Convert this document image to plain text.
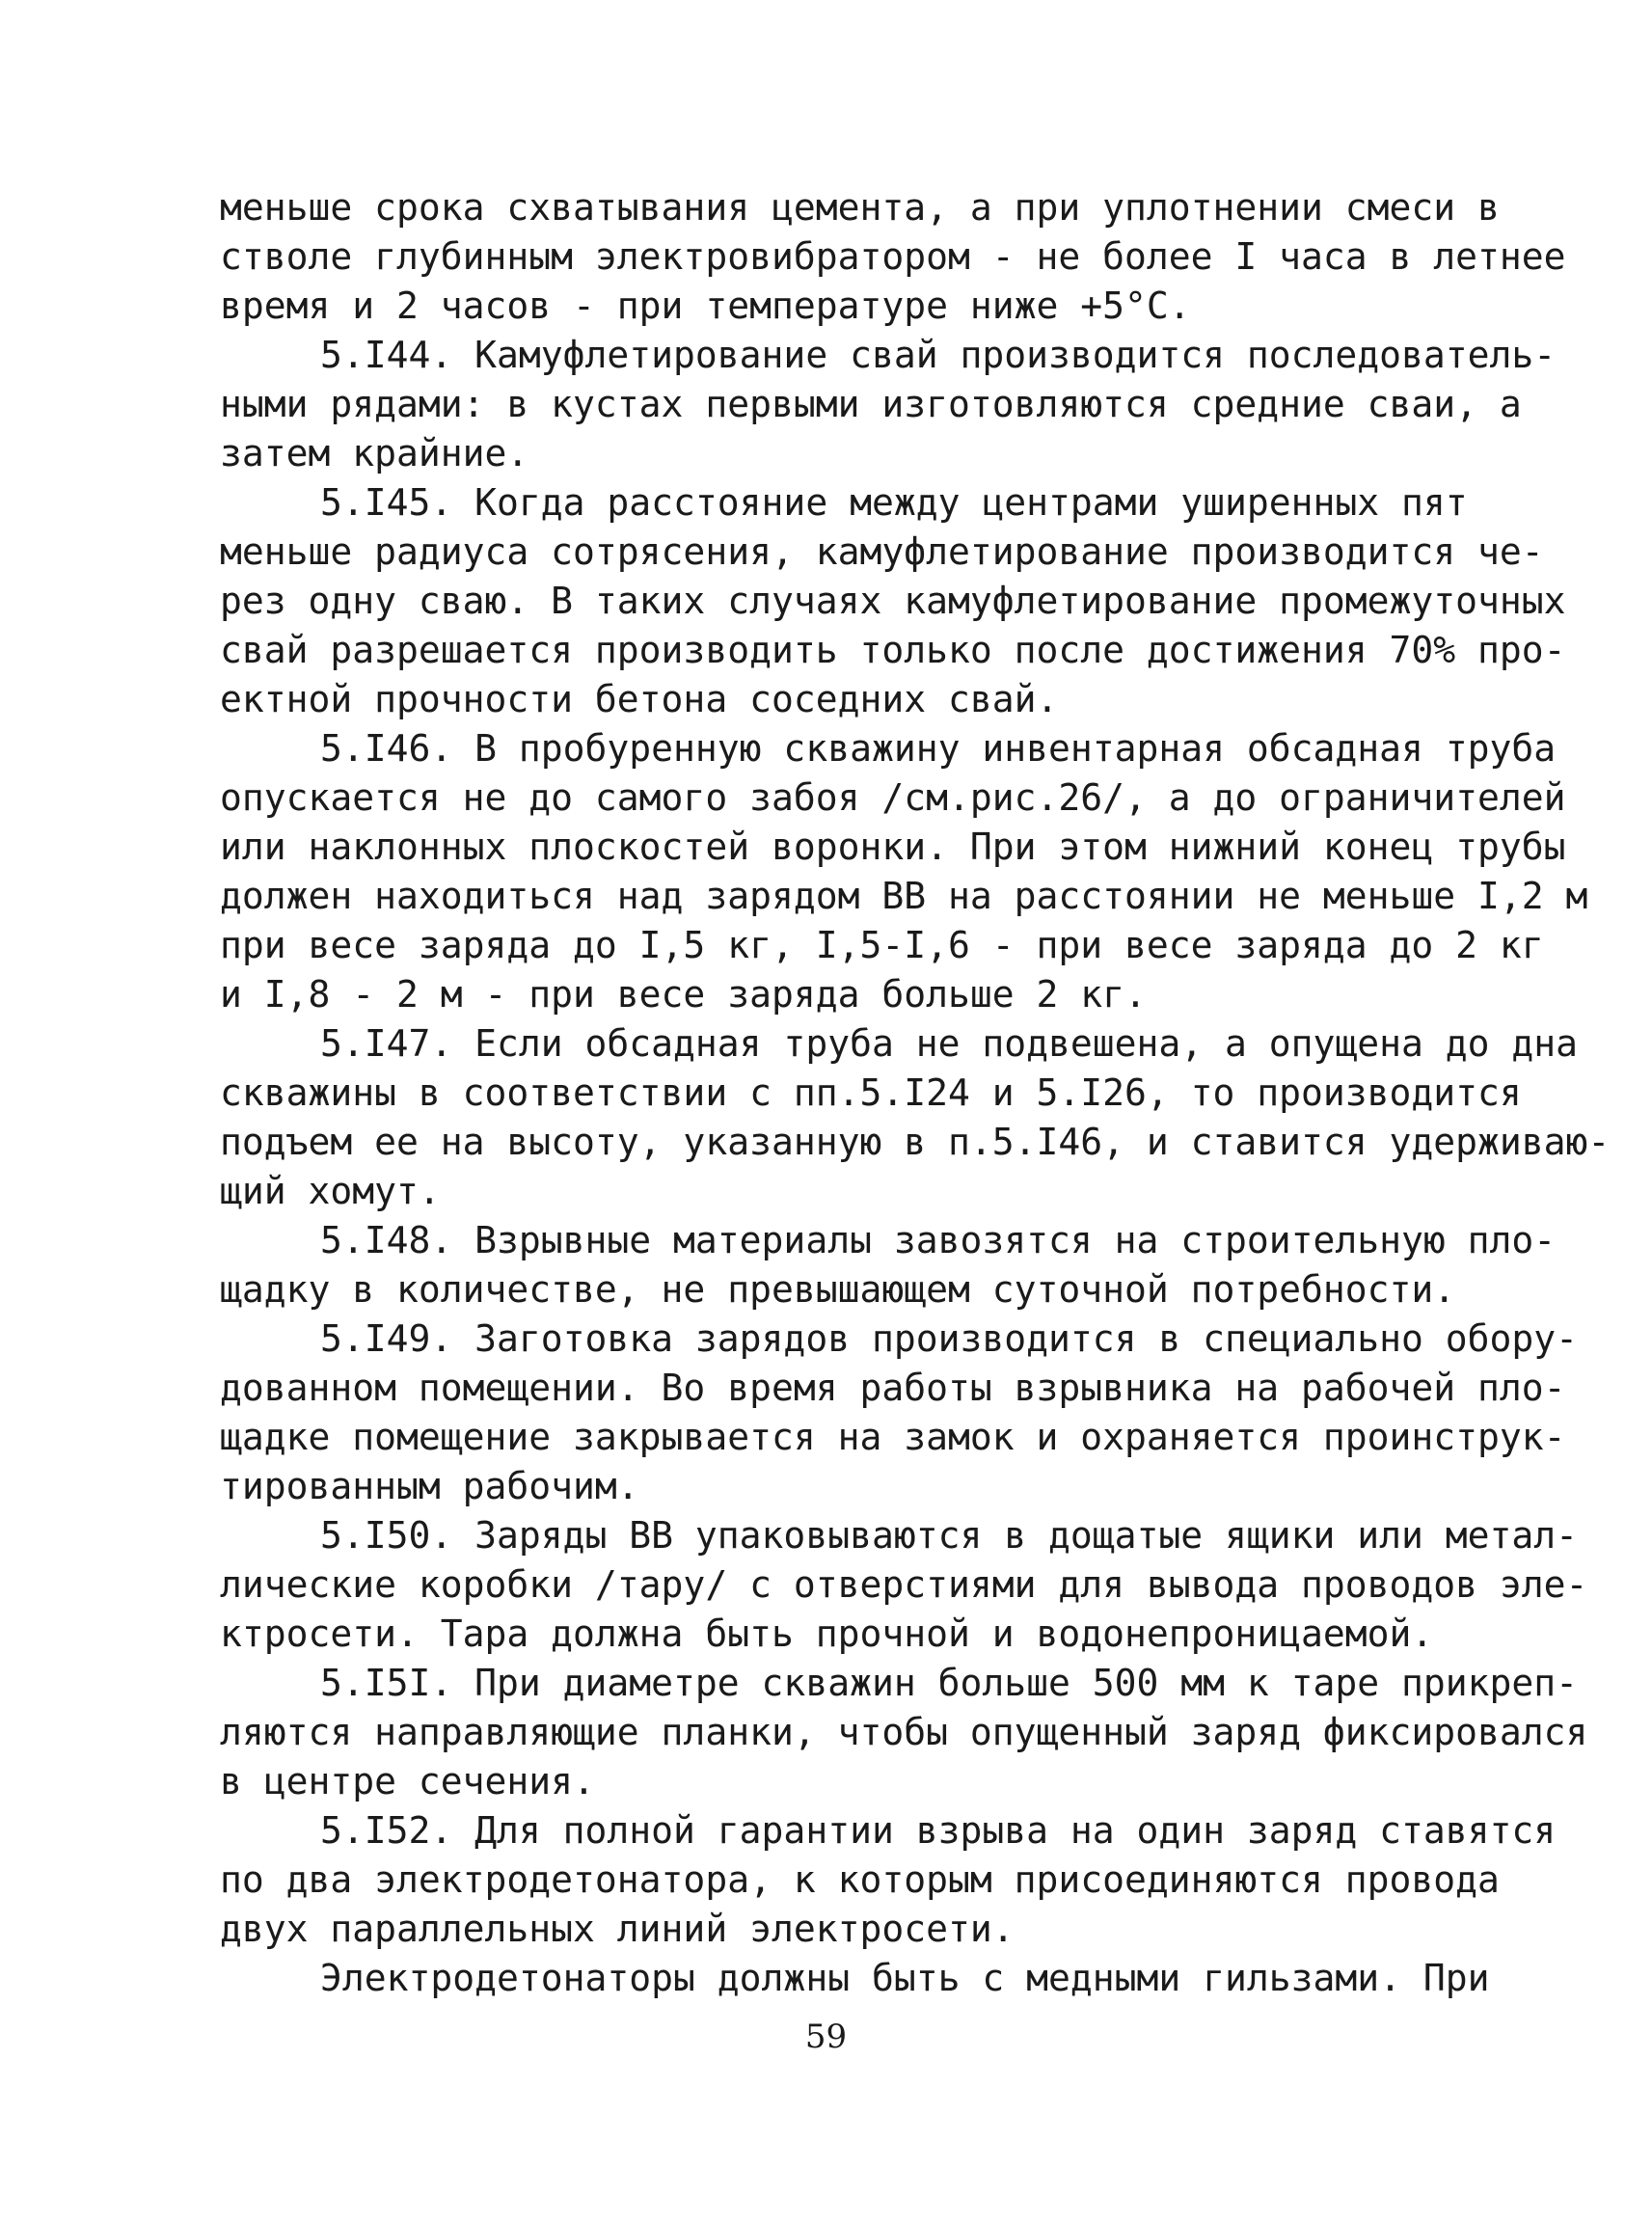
меньше срока схватывания цемента, а при уплотнении смеси в
стволе глубинным электровибратором - не более I часа в летнее
время и 2 часов - при температуре ниже +5°C.
5.I44. Камуфлетирование свай производится последователь-
ными рядами: в кустах первыми изготовляются средние сваи, а
затем крайние.
5.I45. Когда расстояние между центрами уширенных пят
меньше радиуса сотрясения, камуфлетирование производится че-
рез одну сваю. В таких случаях камуфлетирование промежуточных
свай разрешается производить только после достижения 70% про-
ектной прочности бетона соседних свай.
5.I46. В пробуренную скважину инвентарная обсадная труба
опускается не до самого забоя /см.рис.26/, а до ограничителей
или наклонных плоскостей воронки. При этом нижний конец трубы
должен находиться над зарядом ВВ на расстоянии не меньше I,2 м
при весе заряда до I,5 кг, I,5-I,6 - при весе заряда до 2 кг
и I,8 - 2 м - при весе заряда больше 2 кг.
5.I47. Если обсадная труба не подвешена, а опущена до дна
скважины в соответствии с пп.5.I24 и 5.I26, то производится
подъем ее на высоту, указанную в п.5.I46, и ставится удерживаю-
щий хомут.
5.I48. Взрывные материалы завозятся на строительную пло-
щадку в количестве, не превышающем суточной потребности.
5.I49. Заготовка зарядов производится в специально обору-
дованном помещении. Во время работы взрывника на рабочей пло-
щадке помещение закрывается на замок и охраняется проинструк-
тированным рабочим.
5.I50. Заряды ВВ упаковываются в дощатые ящики или метал-
лические коробки /тару/ с отверстиями для вывода проводов эле-
ктросети. Тара должна быть прочной и водонепроницаемой.
5.I5I. При диаметре скважин больше 500 мм к таре прикреп-
ляются направляющие планки, чтобы опущенный заряд фиксировался
в центре сечения.
5.I52. Для полной гарантии взрыва на один заряд ставятся
по два электродетонатора, к которым присоединяются провода
двух параллельных линий электросети.
Электродетонаторы должны быть с медными гильзами. При
59
